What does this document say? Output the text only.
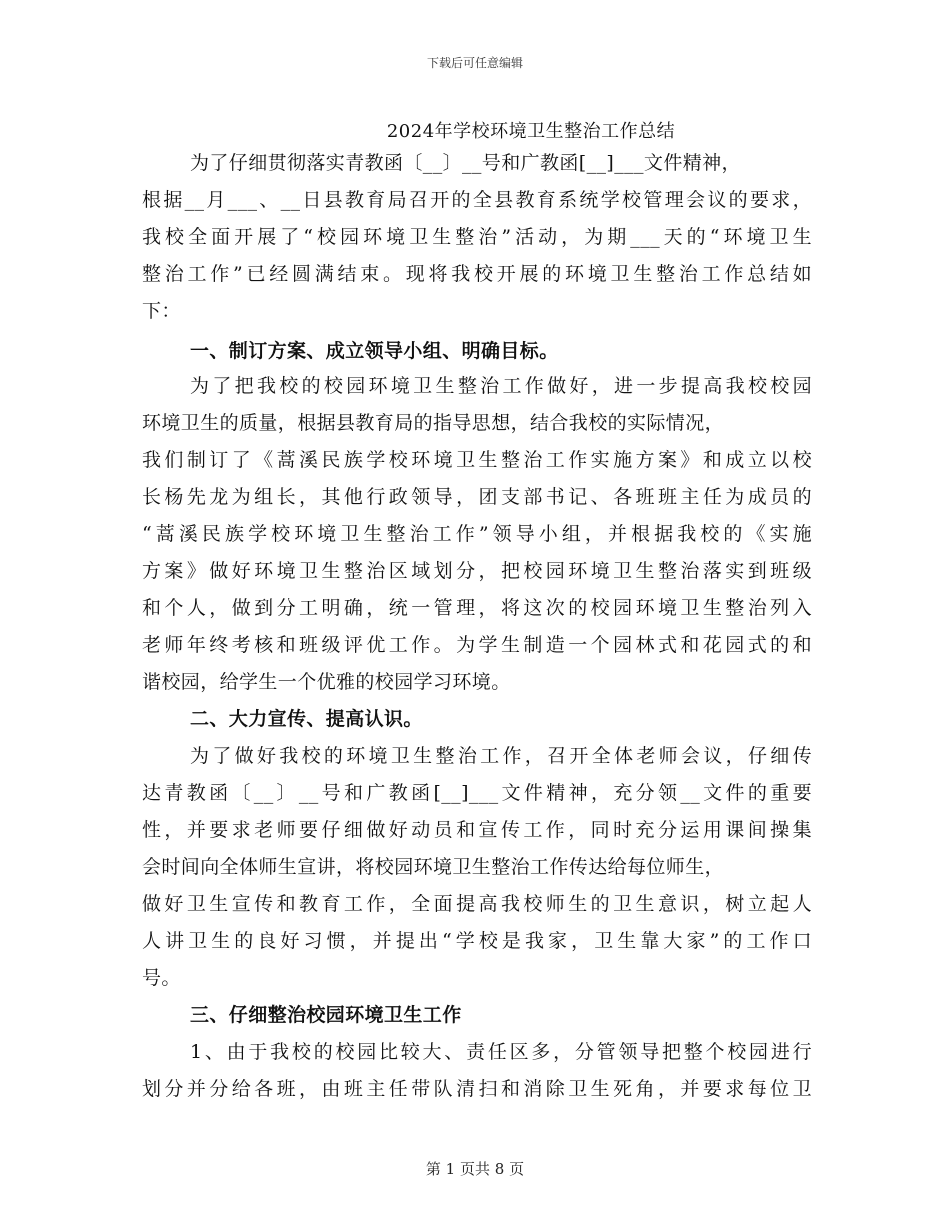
下载后可任意编辑
2024年学校环境卫生整治工作总结
为了仔细贯彻落实青教函〔__〕__号和广教函[__]___文件精神，
根据__月___、__日县教育局召开的全县教育系统学校管理会议的要求，
我校全面开展了“校园环境卫生整治”活动，为期___天的“环境卫生
整治工作”已经圆满结束。现将我校开展的环境卫生整治工作总结如
下：
一、制订方案、成立领导小组、明确目标。
为了把我校的校园环境卫生整治工作做好，进一步提高我校校园
环境卫生的质量，根据县教育局的指导思想，结合我校的实际情况，
我们制订了《蒿溪民族学校环境卫生整治工作实施方案》和成立以校
长杨先龙为组长，其他行政领导，团支部书记、各班班主任为成员的
“蒿溪民族学校环境卫生整治工作”领导小组，并根据我校的《实施
方案》做好环境卫生整治区域划分，把校园环境卫生整治落实到班级
和个人，做到分工明确，统一管理，将这次的校园环境卫生整治列入
老师年终考核和班级评优工作。为学生制造一个园林式和花园式的和
谐校园，给学生一个优雅的校园学习环境。
二、大力宣传、提高认识。
为了做好我校的环境卫生整治工作，召开全体老师会议，仔细传
达青教函〔__〕__号和广教函[__]___文件精神，充分领__文件的重要
性，并要求老师要仔细做好动员和宣传工作，同时充分运用课间操集
会时间向全体师生宣讲，将校园环境卫生整治工作传达给每位师生，
做好卫生宣传和教育工作，全面提高我校师生的卫生意识，树立起人
人讲卫生的良好习惯，并提出“学校是我家，卫生靠大家”的工作口
号。
三、仔细整治校园环境卫生工作
1、由于我校的校园比较大、责任区多，分管领导把整个校园进行
划分并分给各班，由班主任带队清扫和消除卫生死角，并要求每位卫
第 1 页共 8 页
